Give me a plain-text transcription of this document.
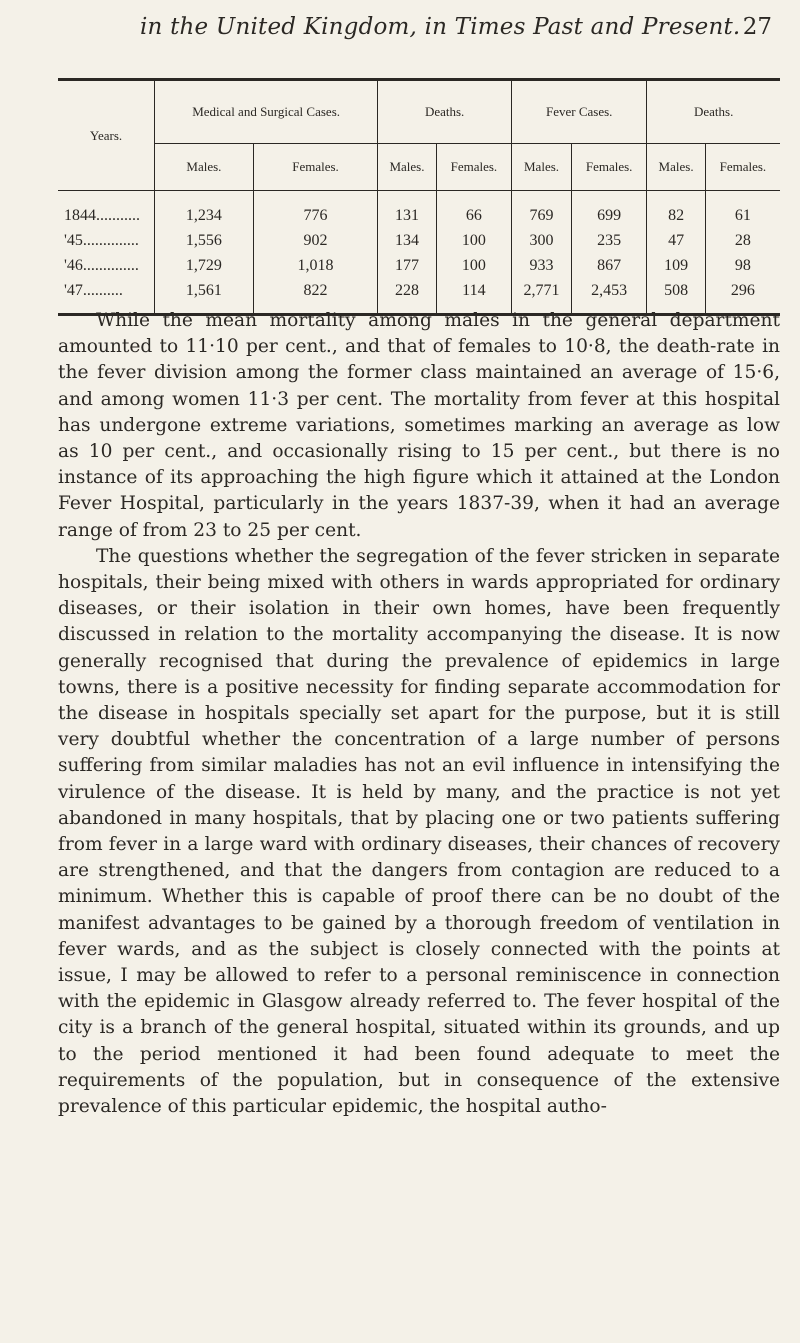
in the United Kingdom, in Times Past and Present. 27
Years.	Medical and Surgical Cases.		Deaths.		Fever Cases.		Deaths.	
	Males.	Females.	Males.	Females.	Males.	Females.	Males.	Females.
1844...........	1,234	776	131	66	769	699	82	61
'45..............	1,556	902	134	100	300	235	47	28
'46..............	1,729	1,018	177	100	933	867	109	98
'47..........	1,561	822	228	114	2,771	2,453	508	296

While the mean mortality among males in the general department amounted to 11·10 per cent., and that of females to 10·8, the death-rate in the fever division among the former class maintained an average of 15·6, and among women 11·3 per cent. The mortality from fever at this hospital has undergone extreme variations, sometimes marking an average as low as 10 per cent., and occasionally rising to 15 per cent., but there is no instance of its approaching the high figure which it attained at the London Fever Hospital, particularly in the years 1837-39, when it had an average range of from 23 to 25 per cent.

The questions whether the segregation of the fever stricken in separate hospitals, their being mixed with others in wards appropriated for ordinary diseases, or their isolation in their own homes, have been frequently discussed in relation to the mortality accompanying the disease. It is now generally recognised that during the prevalence of epidemics in large towns, there is a positive necessity for finding separate accommodation for the disease in hospitals specially set apart for the purpose, but it is still very doubtful whether the concentration of a large number of persons suffering from similar maladies has not an evil influence in intensifying the virulence of the disease. It is held by many, and the practice is not yet abandoned in many hospitals, that by placing one or two patients suffering from fever in a large ward with ordinary diseases, their chances of recovery are strengthened, and that the dangers from contagion are reduced to a minimum. Whether this is capable of proof there can be no doubt of the manifest advantages to be gained by a thorough freedom of ventilation in fever wards, and as the subject is closely connected with the points at issue, I may be allowed to refer to a personal reminiscence in connection with the epidemic in Glasgow already referred to. The fever hospital of the city is a branch of the general hospital, situated within its grounds, and up to the period mentioned it had been found adequate to meet the requirements of the population, but in consequence of the extensive prevalence of this particular epidemic, the hospital autho-
